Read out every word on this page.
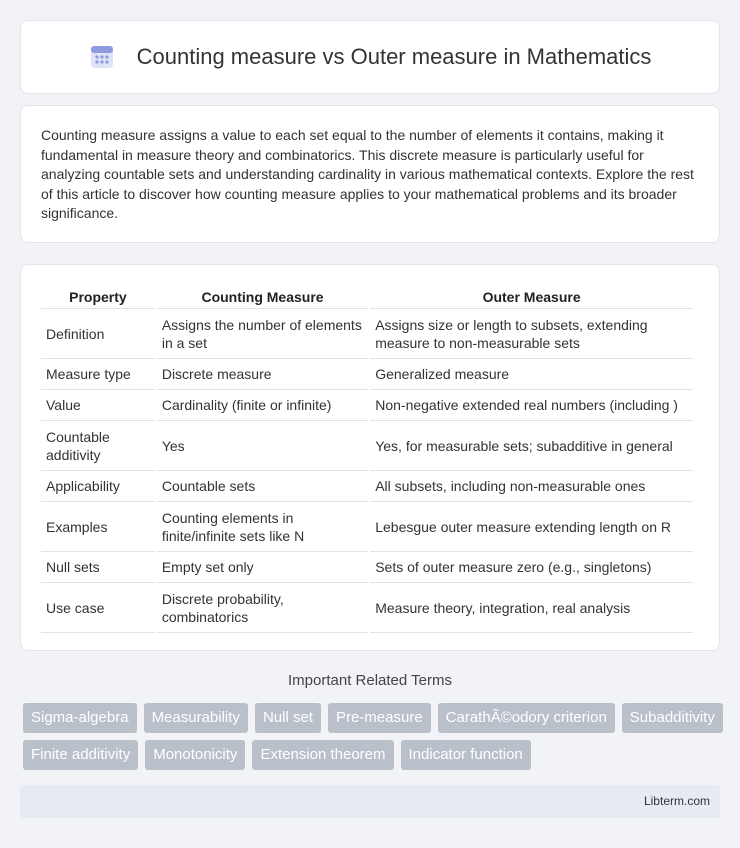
Counting measure vs Outer measure in Mathematics

Counting measure assigns a value to each set equal to the number of elements it contains, making it fundamental in measure theory and combinatorics. This discrete measure is particularly useful for analyzing countable sets and understanding cardinality in various mathematical contexts. Explore the rest of this article to discover how counting measure applies to your mathematical problems and its broader significance.

Property	Counting Measure	Outer Measure
Definition	Assigns the number of elements in a set	Assigns size or length to subsets, extending measure to non-measurable sets
Measure type	Discrete measure	Generalized measure
Value	Cardinality (finite or infinite)	Non-negative extended real numbers (including )
Countable additivity	Yes	Yes, for measurable sets; subadditive in general
Applicability	Countable sets	All subsets, including non-measurable ones
Examples	Counting elements in finite/infinite sets like N	Lebesgue outer measure extending length on R
Null sets	Empty set only	Sets of outer measure zero (e.g., singletons)
Use case	Discrete probability, combinatorics	Measure theory, integration, real analysis
Important Related Terms
Sigma-algebra	Measurability	Null set	Pre-measure	CarathÃ©odory criterion	Subadditivity
Finite additivity	Monotonicity	Extension theorem	Indicator function
Libterm.com
